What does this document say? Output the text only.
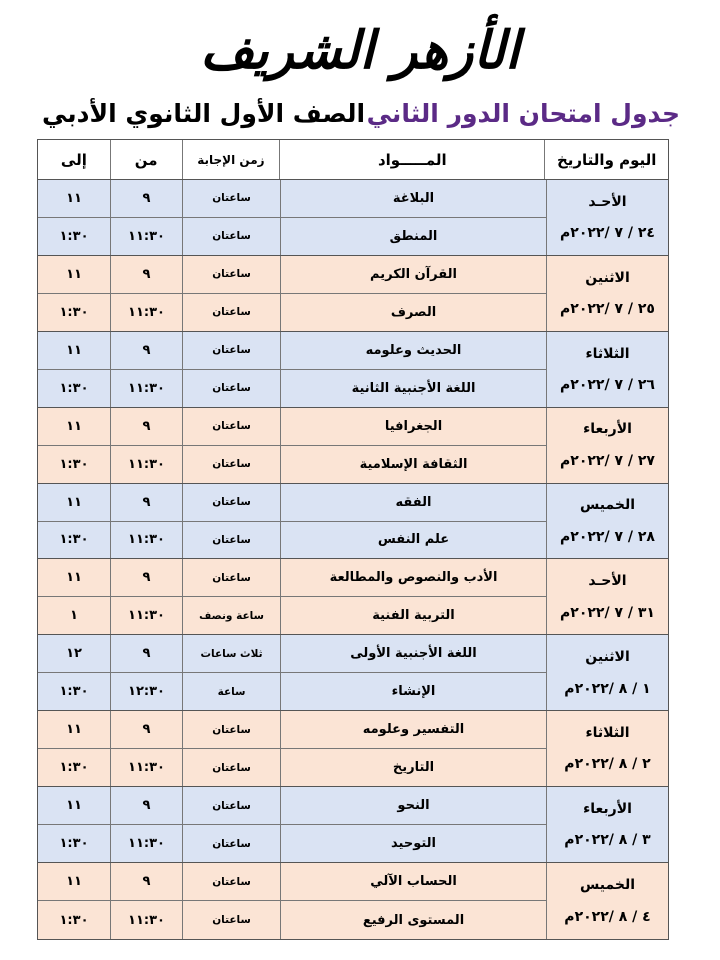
الأزهر الشريف
جدول امتحان الدور الثاني
الصف الأول الثانوي الأدبي
اليوم والتاريخ
المـــــواد
زمن الإجابة
من
إلى
الأحـد
٢٤ / ٧ /٢٠٢٢م
البلاغة
ساعتان
٩
١١
المنطق
ساعتان
١١:٣٠
١:٣٠
الاثنين
٢٥ / ٧ /٢٠٢٢م
القرآن الكريم
ساعتان
٩
١١
الصرف
ساعتان
١١:٣٠
١:٣٠
الثلاثاء
٢٦ / ٧ /٢٠٢٢م
الحديث وعلومه
ساعتان
٩
١١
اللغة الأجنبية الثانية
ساعتان
١١:٣٠
١:٣٠
الأربعاء
٢٧ / ٧ /٢٠٢٢م
الجغرافيا
ساعتان
٩
١١
الثقافة الإسلامية
ساعتان
١١:٣٠
١:٣٠
الخميس
٢٨ / ٧ /٢٠٢٢م
الفقه
ساعتان
٩
١١
علم النفس
ساعتان
١١:٣٠
١:٣٠
الأحـد
٣١ / ٧ /٢٠٢٢م
الأدب والنصوص والمطالعة
ساعتان
٩
١١
التربية الفنية
ساعة ونصف
١١:٣٠
١
الاثنين
١ / ٨ /٢٠٢٢م
اللغة الأجنبية الأولى
ثلاث ساعات
٩
١٢
الإنشاء
ساعة
١٢:٣٠
١:٣٠
الثلاثاء
٢ / ٨ /٢٠٢٢م
التفسير وعلومه
ساعتان
٩
١١
التاريخ
ساعتان
١١:٣٠
١:٣٠
الأربعاء
٣ / ٨ /٢٠٢٢م
النحو
ساعتان
٩
١١
التوحيد
ساعتان
١١:٣٠
١:٣٠
الخميس
٤ / ٨ /٢٠٢٢م
الحساب الآلي
ساعتان
٩
١١
المستوى الرفيع
ساعتان
١١:٣٠
١:٣٠
